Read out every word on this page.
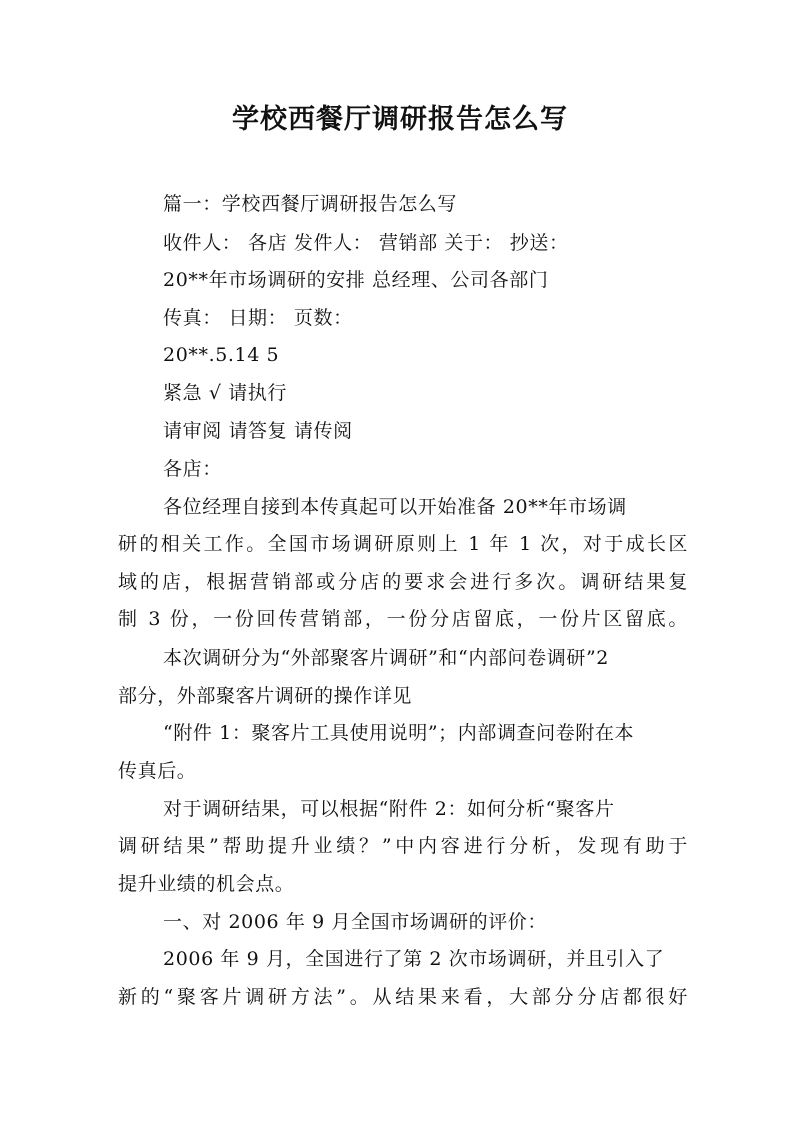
学校西餐厅调研报告怎么写
篇一：学校西餐厅调研报告怎么写
收件人： 各店 发件人： 营销部 关于： 抄送：
20**年市场调研的安排 总经理、公司各部门
传真： 日期： 页数：
20**.5.14 5
紧急 √ 请执行
请审阅 请答复 请传阅
各店：
各位经理自接到本传真起可以开始准备 20**年市场调
研的相关工作。全国市场调研原则上 1 年 1 次，对于成长区
域的店，根据营销部或分店的要求会进行多次。调研结果复
制 3 份，一份回传营销部，一份分店留底，一份片区留底。
本次调研分为“外部聚客片调研”和“内部问卷调研”2
部分，外部聚客片调研的操作详见
“附件 1：聚客片工具使用说明”；内部调查问卷附在本
传真后。
对于调研结果，可以根据“附件 2：如何分析“聚客片
调研结果”帮助提升业绩？”中内容进行分析，发现有助于
提升业绩的机会点。
一、对 2006 年 9 月全国市场调研的评价：
2006 年 9 月，全国进行了第 2 次市场调研，并且引入了
新的“聚客片调研方法”。从结果来看，大部分分店都很好
